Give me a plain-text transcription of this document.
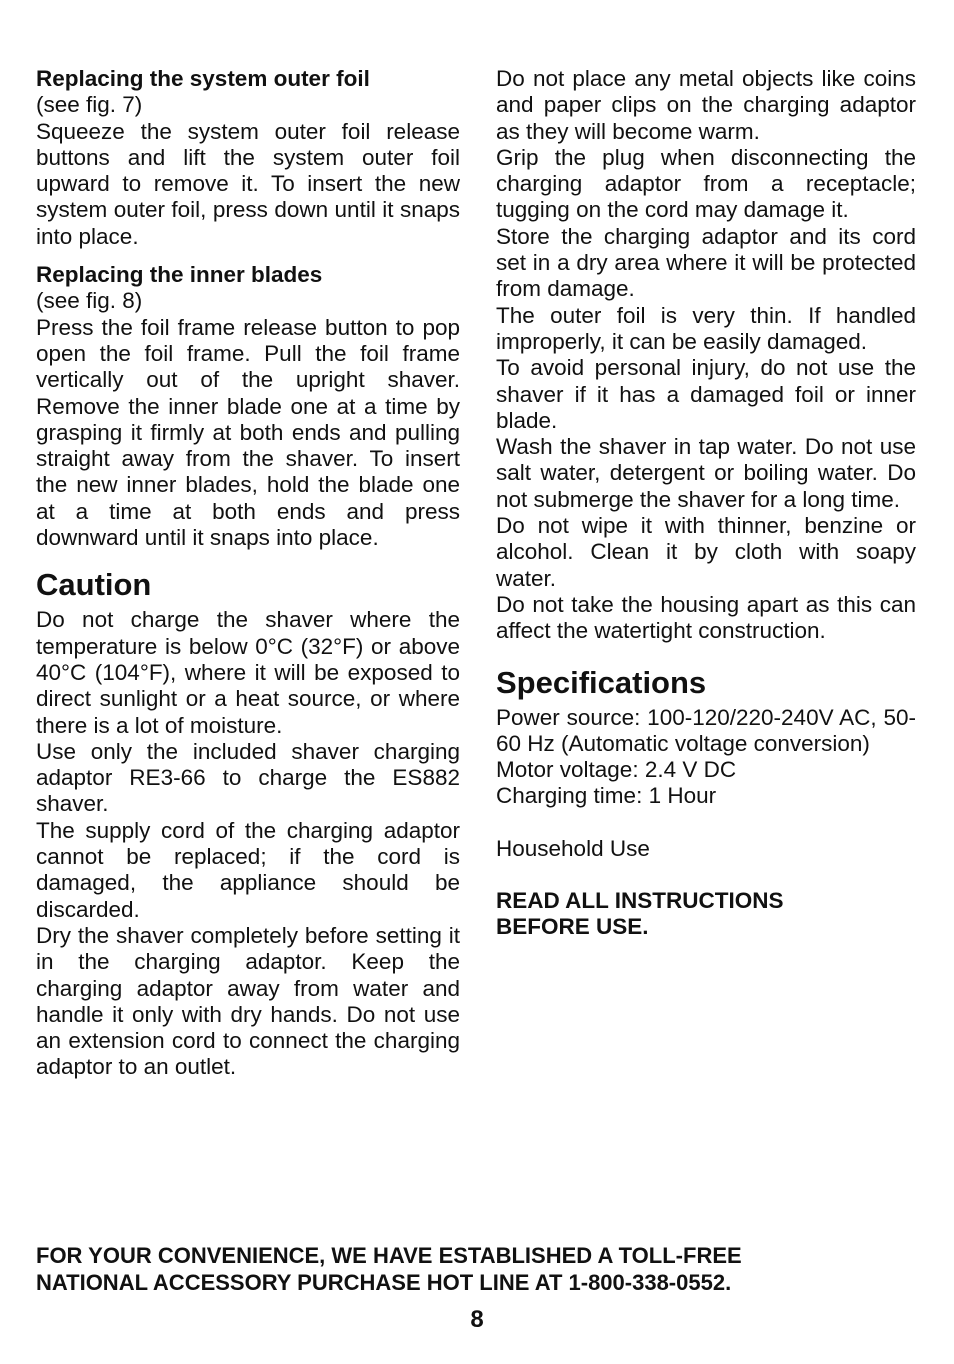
Replacing the system outer foil

(see fig. 7)

Squeeze the system outer foil release buttons and lift the system outer foil upward to remove it. To insert the new system outer foil, press down until it snaps into place.

Replacing the inner blades

(see fig. 8)

Press the foil frame release button to pop open the foil frame. Pull the foil frame vertically out of the upright shaver. Remove the inner blade one at a time by grasping it firmly at both ends and pulling straight away from the shaver. To insert the new inner blades, hold the blade one at a time at both ends and press downward until it snaps into place.

Caution

Do not charge the shaver where the temperature is below 0°C (32°F) or above 40°C (104°F), where it will be exposed to direct sunlight or a heat source, or where there is a lot of moisture.

Use only the included shaver charging adaptor RE3-66 to charge the ES882 shaver.

The supply cord of the charging adaptor cannot be replaced; if the cord is damaged, the appliance should be discarded.

Dry the shaver completely before setting it in the charging adaptor. Keep the charging adaptor away from water and handle it only with dry hands. Do not use an extension cord to connect the charging adaptor to an outlet.

Do not place any metal objects like coins and paper clips on the charging adaptor as they will become warm.

Grip the plug when disconnecting the charging adaptor from a receptacle; tugging on the cord may damage it.

Store the charging adaptor and its cord set in a dry area where it will be protected from damage.

The outer foil is very thin. If handled improperly, it can be easily damaged.

To avoid personal injury, do not use the shaver if it has a damaged foil or inner blade.

Wash the shaver in tap water. Do not use salt water, detergent or boiling water. Do not submerge the shaver for a long time.

Do not wipe it with thinner, benzine or alcohol. Clean it by cloth with soapy water.

Do not take the housing apart as this can affect the watertight construction.

Specifications

Power source: 100-120/220-240V AC, 50-60 Hz (Automatic voltage conversion)

Motor voltage: 2.4 V DC

Charging time: 1 Hour

Household Use

READ ALL INSTRUCTIONS

BEFORE USE.

FOR YOUR CONVENIENCE, WE HAVE ESTABLISHED A TOLL-FREE
NATIONAL ACCESSORY PURCHASE HOT LINE AT 1-800-338-0552.
8
